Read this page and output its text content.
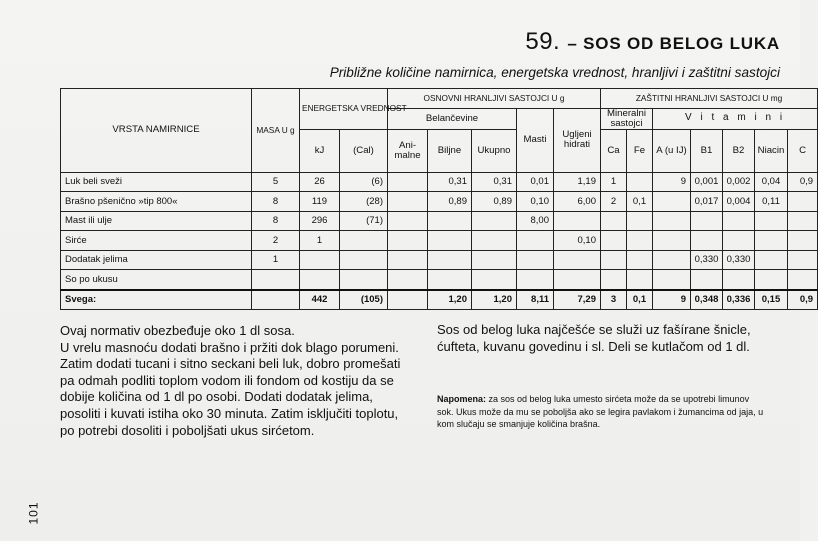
59. – SOS OD BELOG LUKA
Približne količine namirnica, energetska vrednost, hranljivi i zaštitni sastojci
VRSTA NAMIRNICE	MASA U g	ENERGETSKA VREDNOST		OSNOVNI HRANLJIVI SASTOJCI U g					ZAŠTITNI HRANLJIVI SASTOJCI U mg						
				Belančevine			Masti	Ugljeni hidrati	Mineralni sastojci		V i t a m i n i				
		kJ	(Cal)	Ani-malne	Biljne	Ukupno			Ca	Fe	A (u IJ)	B1	B2	Niacin	C
Luk beli sveži	5	26	(6)		0,31	0,31	0,01	1,19	1		9	0,001	0,002	0,04	0,9
Brašno pšenično »tip 800«	8	119	(28)		0,89	0,89	0,10	6,00	2	0,1		0,017	0,004	0,11	
Mast ili ulje	8	296	(71)				8,00								
Sirće	2	1						0,10							
Dodatak jelima	1											0,330	0,330		
So po ukusu															
Svega:		442	(105)		1,20	1,20	8,11	7,29	3	0,1	9	0,348	0,336	0,15	0,9

Ovaj normativ obezbeđuje oko 1 dl sosa.

U vrelu masnoću dodati brašno i pržiti dok blago porumeni. Zatim dodati tucani i sitno seckani beli luk, dobro promešati pa odmah podliti toplom vodom ili fondom od kostiju da se dobije količina od 1 dl po osobi. Dodati dodatak jelima, posoliti i kuvati istiha oko 30 minuta. Zatim isključiti toplotu, po potrebi dosoliti i poboljšati ukus sirćetom.

Sos od belog luka najčešće se služi uz fašírane šnicle, ćufteta, kuvanu govedinu i sl. Deli se kutlačom od 1 dl.

Napomena: za sos od belog luka umesto sirćeta može da se upotrebi limunov sok. Ukus može da mu se poboljša ako se legira pavlakom i žumancima od jaja, u kom slučaju se smanjuje količina brašna.
101
